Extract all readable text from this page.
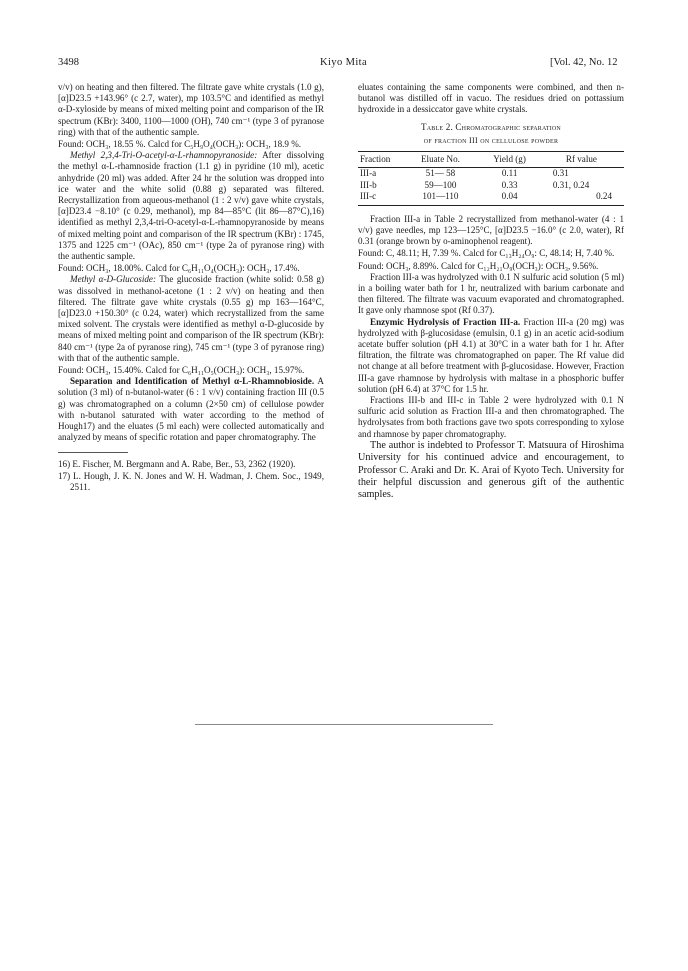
3498	Kiyo Mita	[Vol. 42, No. 12

v/v) on heating and then filtered. The filtrate gave white crystals (1.0 g), [α]D23.5 +143.96° (c 2.7, water), mp 103.5°C and identified as methyl α-D-xyloside by means of mixed melting point and comparison of the IR spectrum (KBr): 3400, 1100—1000 (OH), 740 cm⁻¹ (type 3 of pyranose ring) with that of the authentic sample.

Found: OCH₃, 18.55 %. Calcd for C₅H₉O₄(OCH₃): OCH₃, 18.9 %.

Methyl 2,3,4-Tri-O-acetyl-α-L-rhamnopyranoside: After dissolving the methyl α-L-rhamnoside fraction (1.1 g) in pyridine (10 ml), acetic anhydride (20 ml) was added. After 24 hr the solution was dropped into ice water and the white solid (0.88 g) separated was filtered. Recrystallization from aqueous-methanol (1 : 2 v/v) gave white crystals, [α]D23.4 −8.10° (c 0.29, methanol), mp 84—85°C (lit 86—87°C),16) identified as methyl 2,3,4-tri-O-acetyl-α-L-rhamnopyranoside by means of mixed melting point and comparison of the IR spectrum (KBr) : 1745, 1375 and 1225 cm⁻¹ (OAc), 850 cm⁻¹ (type 2a of pyranose ring) with the authentic sample.

Found: OCH₃, 18.00%. Calcd for C₆H₁₁O₄(OCH₃): OCH₃, 17.4%.

Methyl α-D-Glucoside: The glucoside fraction (white solid: 0.58 g) was dissolved in methanol-acetone (1 : 2 v/v) on heating and then filtered. The filtrate gave white crystals (0.55 g) mp 163—164°C, [α]D23.0 +150.30° (c 0.24, water) which recrystallized from the same mixed solvent. The crystals were identified as methyl α-D-glucoside by means of mixed melting point and comparison of the IR spectrum (KBr): 840 cm⁻¹ (type 2a of pyranose ring), 745 cm⁻¹ (type 3 of pyranose ring) with that of the authentic sample.

Found: OCH₃, 15.40%. Calcd for C₆H₁₁O₅(OCH₃): OCH₃, 15.97%.

Separation and Identification of Methyl α-L-Rhamnobioside. A solution (3 ml) of n-butanol-water (6 : 1 v/v) containing fraction III (0.5 g) was chromatographed on a column (2×50 cm) of cellulose powder with n-butanol saturated with water according to the method of Hough17) and the eluates (5 ml each) were collected automatically and analyzed by means of specific rotation and paper chromatography. The

16) E. Fischer, M. Bergmann and A. Rabe, Ber., 53, 2362 (1920).

17) L. Hough, J. K. N. Jones and W. H. Wadman, J. Chem. Soc., 1949, 2511.

eluates containing the same components were combined, and then n-butanol was distilled off in vacuo. The residues dried on pottassium hydroxide in a dessiccator gave white crystals.

Table 2. Chromatographic separation
of fraction III on cellulose powder
Fraction	Eluate No.	Yield (g)	Rf value
III-a	51— 58	0.11	0.31
III-b	59—100	0.33	0.31, 0.24
III-c	101—110	0.04	0.24

Fraction III-a in Table 2 recrystallized from methanol-water (4 : 1 v/v) gave needles, mp 123—125°C, [α]D23.5 −16.0° (c 2.0, water), Rf 0.31 (orange brown by o-aminophenol reagent).

Found: C, 48.11; H, 7.39 %. Calcd for C₁₃H₂₄O₉: C, 48.14; H, 7.40 %.

Found: OCH₃, 8.89%. Calcd for C₁₂H₂₁O₉(OCH₃): OCH₃, 9.56%.

Fraction III-a was hydrolyzed with 0.1 N sulfuric acid solution (5 ml) in a boiling water bath for 1 hr, neutralized with barium carbonate and then filtered. The filtrate was vacuum evaporated and chromatographed. It gave only rhamnose spot (Rf 0.37).

Enzymic Hydrolysis of Fraction III-a. Fraction III-a (20 mg) was hydrolyzed with β-glucosidase (emulsin, 0.1 g) in an acetic acid-sodium acetate buffer solution (pH 4.1) at 30°C in a water bath for 1 hr. After filtration, the filtrate was chromatographed on paper. The Rf value did not change at all before treatment with β-glucosidase. However, Fraction III-a gave rhamnose by hydrolysis with maltase in a phosphoric buffer solution (pH 6.4) at 37°C for 1.5 hr.

Fractions III-b and III-c in Table 2 were hydrolyzed with 0.1 N sulfuric acid solution as Fraction III-a and then chromatographed. The hydrolysates from both fractions gave two spots corresponding to xylose and rhamnose by paper chromatography.

The author is indebted to Professor T. Matsuura of Hiroshima University for his continued advice and encouragement, to Professor C. Araki and Dr. K. Arai of Kyoto Tech. University for their helpful discussion and generous gift of the authentic samples.
